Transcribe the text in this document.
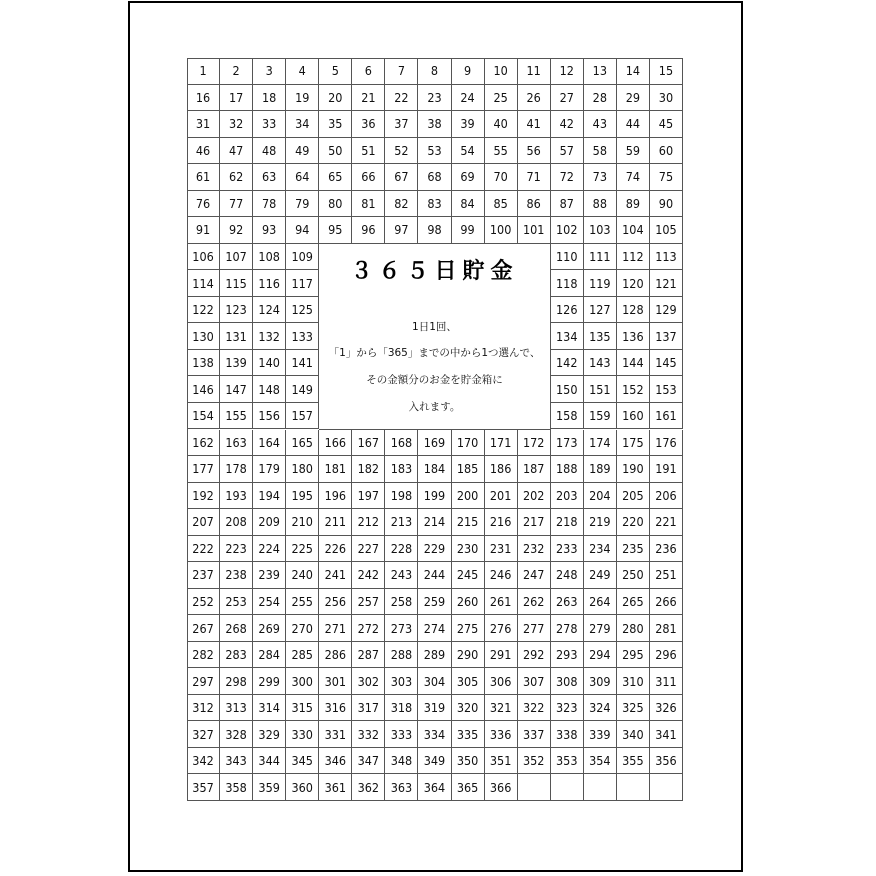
1	2	3	4	5	6	7	8	9	10	11	12	13	14	15
16	17	18	19	20	21	22	23	24	25	26	27	28	29	30
31	32	33	34	35	36	37	38	39	40	41	42	43	44	45
46	47	48	49	50	51	52	53	54	55	56	57	58	59	60
61	62	63	64	65	66	67	68	69	70	71	72	73	74	75
76	77	78	79	80	81	82	83	84	85	86	87	88	89	90
91	92	93	94	95	96	97	98	99	100 101 102 103 104 105
106 107 108 109	110 111 112 113
114 115 116 117	118 119 120 121
122 123 124 125	126 127 128 129
130 131 132 133	134 135 136 137
138 139 140 141	142 143 144 145
146 147 148 149	150 151 152 153
154 155 156 157	158 159 160 161
162 163 164 165 166 167 168 169 170 171 172 173 174 175 176
177 178 179 180 181 182 183 184 185 186 187 188 189 190 191
192 193 194 195 196 197 198 199 200 201 202 203 204 205 206
207 208 209 210 211 212 213 214 215 216 217 218 219 220 221
222 223 224 225 226 227 228 229 230 231 232 233 234 235 236
237 238 239 240 241 242 243 244 245 246 247 248 249 250 251
252 253 254 255 256 257 258 259 260 261 262 263 264 265 266
267 268 269 270 271 272 273 274 275 276 277 278 279 280 281
282 283 284 285 286 287 288 289 290 291 292 293 294 295 296
297 298 299 300 301 302 303 304 305 306 307 308 309 310 311
312 313 314 315 316 317 318 319 320 321 322 323 324 325 326
327 328 329 330 331 332 333 334 335 336 337 338 339 340 341
342 343 344 345 346 347 348 349 350 351 352 353 354 355 356
357 358 359 360 361 362 363 364 365 366
３６５日貯金
1日1回、
「1」から「365」までの中から1つ選んで、
その金額分のお金を貯金箱に
入れます。
